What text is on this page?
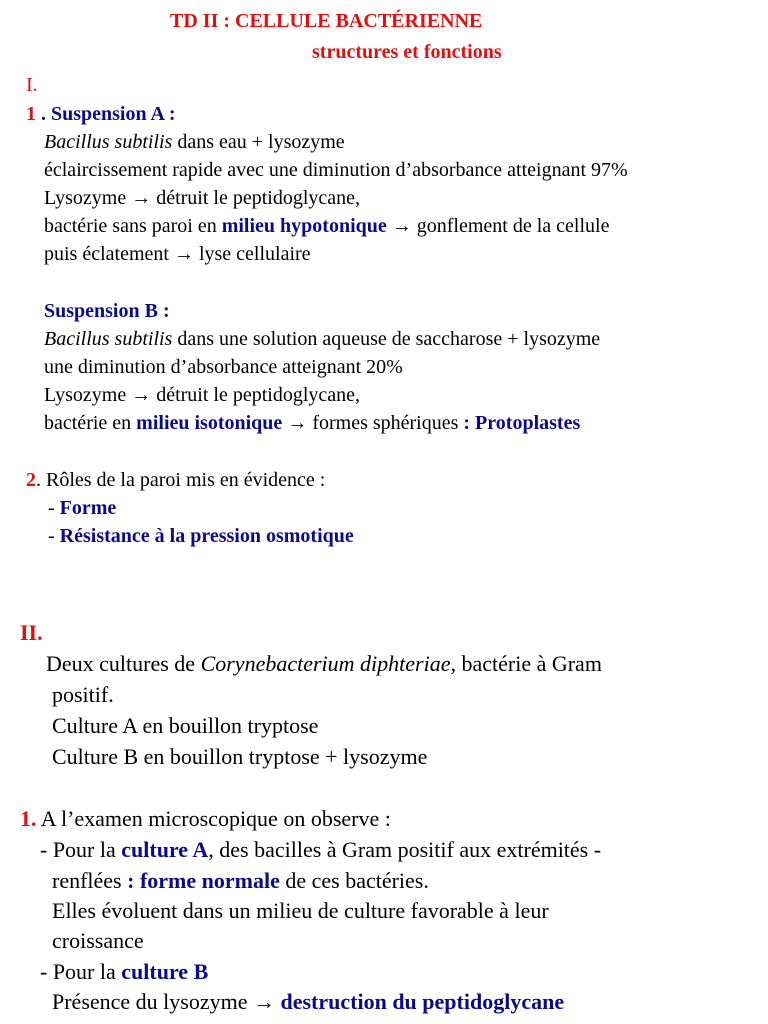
TD II : CELLULE BACTÉRIENNE
structures et fonctions
I.
1 . Suspension A :
Bacillus subtilis dans eau + lysozyme
éclaircissement rapide avec une diminution d’absorbance atteignant 97%
Lysozyme → détruit le peptidoglycane,
bactérie sans paroi en milieu hypotonique → gonflement de la cellule
puis éclatement → lyse cellulaire
Suspension B :
Bacillus subtilis dans une solution aqueuse de saccharose + lysozyme
une diminution d’absorbance atteignant 20%
Lysozyme → détruit le peptidoglycane,
bactérie en milieu isotonique → formes sphériques : Protoplastes
2. Rôles de la paroi mis en évidence :
- Forme
- Résistance à la pression osmotique
II.
Deux cultures de Corynebacterium diphteriae, bactérie à Gram
positif.
Culture A en bouillon tryptose
Culture B en bouillon tryptose + lysozyme
1. A l’examen microscopique on observe :
- Pour la culture A, des bacilles à Gram positif aux extrémités -
renflées : forme normale de ces bactéries.
Elles évoluent dans un milieu de culture favorable à leur
croissance
- Pour la culture B
Présence du lysozyme → destruction du peptidoglycane
